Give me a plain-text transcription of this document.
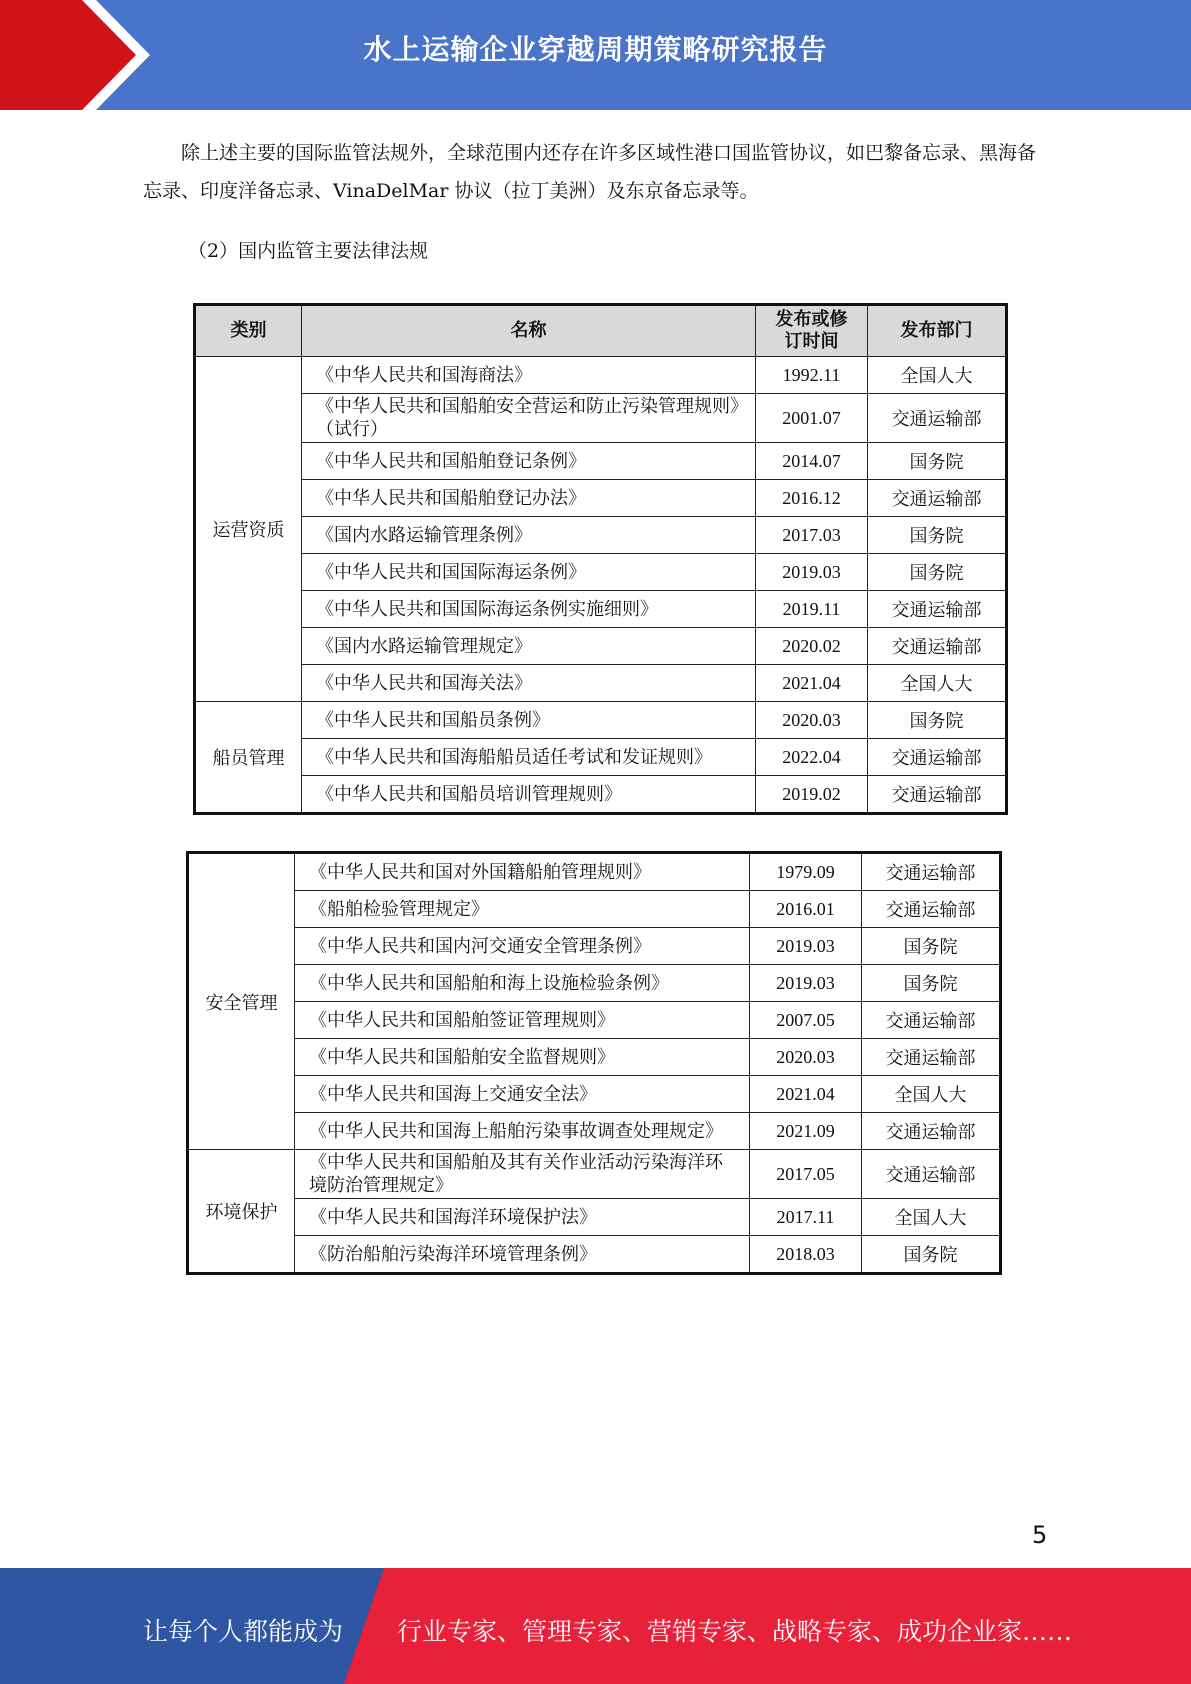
水上运输企业穿越周期策略研究报告
除上述主要的国际监管法规外，全球范围内还存在许多区域性港口国监管协议，如巴黎备忘录、黑海备忘录、印度洋备忘录、VinaDelMar 协议（拉丁美洲）及东京备忘录等。
（2）国内监管主要法律法规
类别	名称	发布或修订时间	发布部门
运营资质	《中华人民共和国海商法》	1992.11	全国人大
	《中华人民共和国船舶安全营运和防止污染管理规则》（试行）	2001.07	交通运输部
	《中华人民共和国船舶登记条例》	2014.07	国务院
	《中华人民共和国船舶登记办法》	2016.12	交通运输部
	《国内水路运输管理条例》	2017.03	国务院
	《中华人民共和国国际海运条例》	2019.03	国务院
	《中华人民共和国国际海运条例实施细则》	2019.11	交通运输部
	《国内水路运输管理规定》	2020.02	交通运输部
	《中华人民共和国海关法》	2021.04	全国人大
船员管理	《中华人民共和国船员条例》	2020.03	国务院
	《中华人民共和国海船船员适任考试和发证规则》	2022.04	交通运输部
	《中华人民共和国船员培训管理规则》	2019.02	交通运输部
安全管理	《中华人民共和国对外国籍船舶管理规则》	1979.09	交通运输部
	《船舶检验管理规定》	2016.01	交通运输部
	《中华人民共和国内河交通安全管理条例》	2019.03	国务院
	《中华人民共和国船舶和海上设施检验条例》	2019.03	国务院
	《中华人民共和国船舶签证管理规则》	2007.05	交通运输部
	《中华人民共和国船舶安全监督规则》	2020.03	交通运输部
	《中华人民共和国海上交通安全法》	2021.04	全国人大
	《中华人民共和国海上船舶污染事故调查处理规定》	2021.09	交通运输部
环境保护	《中华人民共和国船舶及其有关作业活动污染海洋环境防治管理规定》	2017.05	交通运输部
	《中华人民共和国海洋环境保护法》	2017.11	全国人大
	《防治船舶污染海洋环境管理条例》	2018.03	国务院
5
让每个人都能成为 行业专家、管理专家、营销专家、战略专家、成功企业家……
